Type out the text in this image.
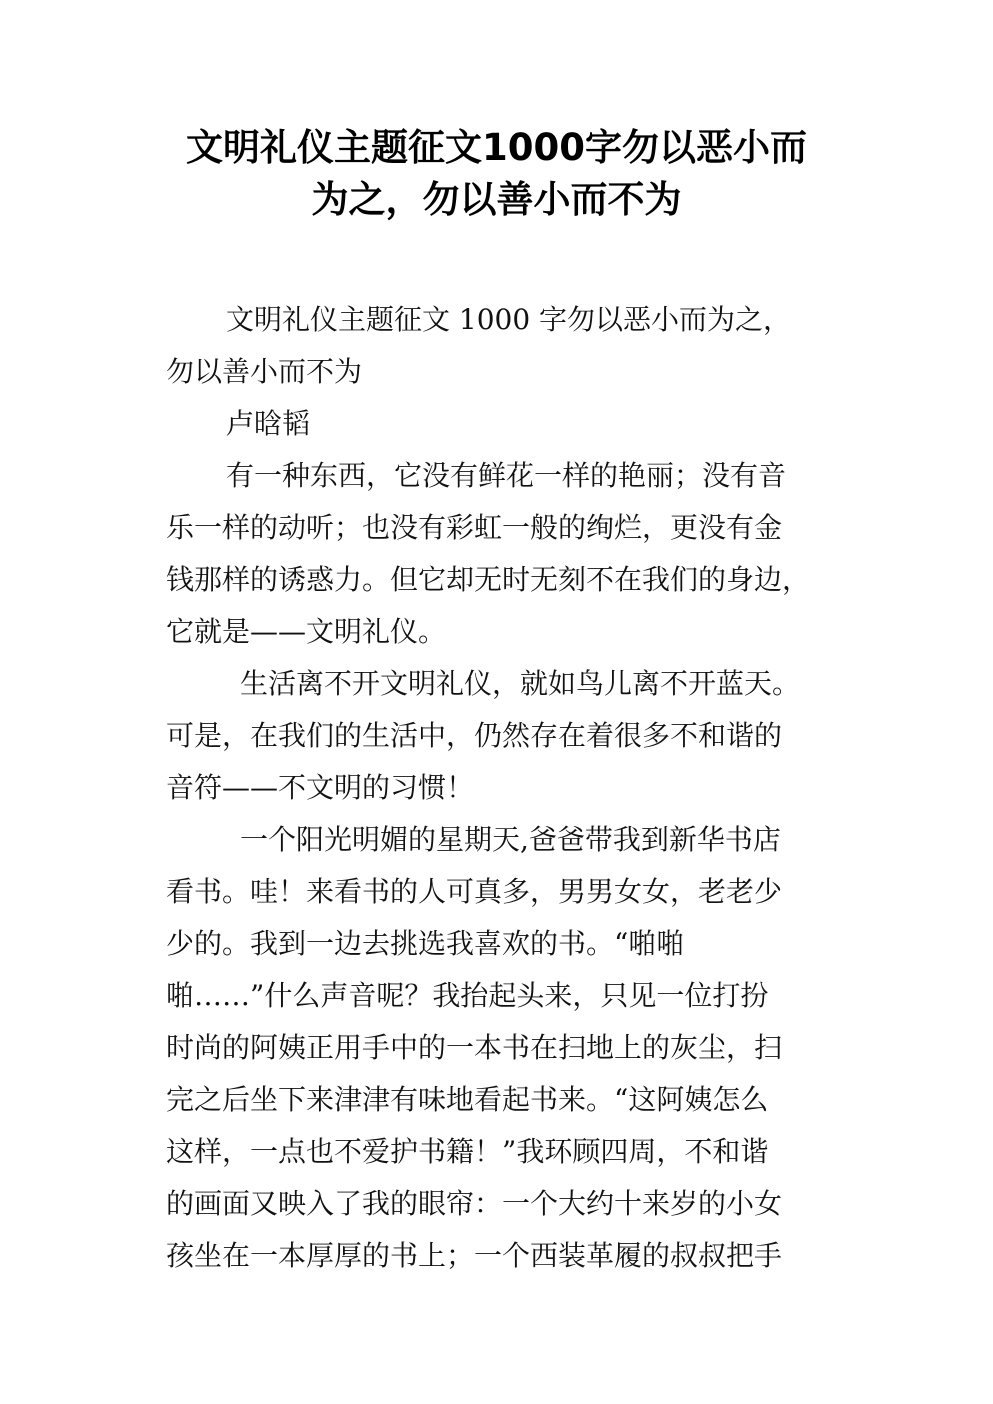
文明礼仪主题征文1000字勿以恶小而
为之，勿以善小而不为
文明礼仪主题征文 1000 字勿以恶小而为之，
勿以善小而不为
卢晗韬
有一种东西，它没有鲜花一样的艳丽；没有音
乐一样的动听；也没有彩虹一般的绚烂，更没有金
钱那样的诱惑力。但它却无时无刻不在我们的身边，
它就是——文明礼仪。
生活离不开文明礼仪，就如鸟儿离不开蓝天。
可是，在我们的生活中，仍然存在着很多不和谐的
音符——不文明的习惯！
一个阳光明媚的星期天,爸爸带我到新华书店
看书。哇！来看书的人可真多，男男女女，老老少
少的。我到一边去挑选我喜欢的书。“啪啪
啪……”什么声音呢？我抬起头来，只见一位打扮
时尚的阿姨正用手中的一本书在扫地上的灰尘，扫
完之后坐下来津津有味地看起书来。“这阿姨怎么
这样，一点也不爱护书籍！”我环顾四周，不和谐
的画面又映入了我的眼帘：一个大约十来岁的小女
孩坐在一本厚厚的书上；一个西装革履的叔叔把手
